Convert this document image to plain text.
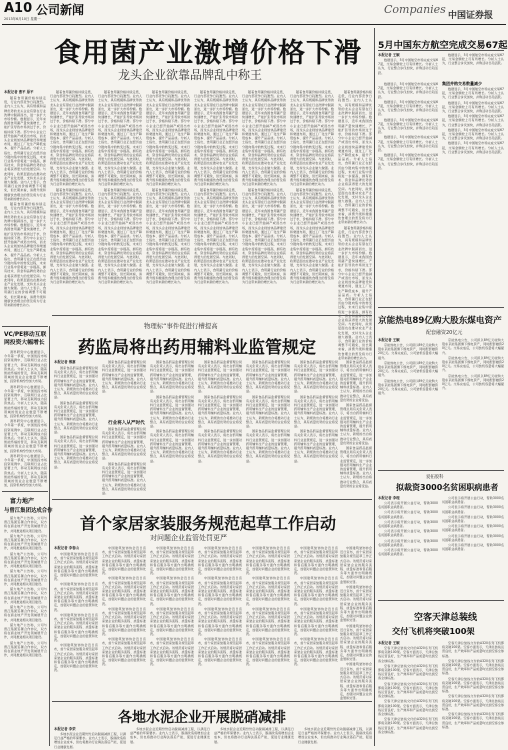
A10 公司新闻
2013年6月10日 星期一
Companies 中国证券报
食用菌产业激增价格下滑
龙头企业欲靠品牌乱中称王
本报记者 曹平 原平

随着食用菌价格持续走低，行业内部竞争日趋激烈。业内人士认为，具有规模和品牌优势的龙头企业有望在行业洗牌中脱颖而出，进一步扩大市场份额。数据显示，近年来我国食用菌产量快速增长，产能扩张导致市场供过于求，价格持续下滑。部分中小企业已经开始减产或退出市场，而龙头企业则加快品牌建设和渠道布局，通过工厂化生产降低成本、提升产品品质。分析人士指出，食用菌行业正在经历由分散向集中的转变过程，未来行业集中度将进一步提高，拥有技术、资金和品牌优势的企业将获得更大的发展空间。与此同时，政策层面也在推动农业产业化发展，支持龙头企业做大做强。业内人士表示，食用菌行业的价格调整不可避免，但长期来看，消费升级和健康饮食理念的普及将为行业带来新的增长动力。

随着食用菌价格持续走低，行业内部竞争日趋激烈。业内人士认为，具有规模和品牌优势的龙头企业有望在行业洗牌中脱颖而出，进一步扩大市场份额。数据显示，近年来我国食用菌产量快速增长，产能扩张导致市场供过于求，价格持续下滑。部分中小企业已经开始减产或退出市场，而龙头企业则加快品牌建设和渠道布局，通过工厂化生产降低成本、提升产品品质。分析人士指出，食用菌行业正在经历由分散向集中的转变过程，未来行业集中度将进一步提高，拥有技术、资金和品牌优势的企业将获得更大的发展空间。与此同时，政策层面也在推动农业产业化发展，支持龙头企业做大做强。业内人士表示，食用菌行业的价格调整不可避免，但长期来看，消费升级和健康饮食理念的普及将为行业带来新的增长动力。

随着食用菌价格持续走低，行业内部竞争日趋激烈。业内人士认为，具有规模和品牌优势的龙头企业有望在行业洗牌中脱颖而出，进一步扩大市场份额。数据显示，近年来我国食用菌产量快速增长，产能扩张导致市场供过于求，价格持续下滑。部分中小企业已经开始减产或退出市场，而龙头企业则加快品牌建设和渠道布局，通过工厂化生产降低成本、提升产品品质。分析人士指出，食用菌行业正在经历由分散向集中的转变过程，未来行业集中度将进一步提高，拥有技术、资金和品牌优势的企业将获得更大的发展空间。与此同时，政策层面也在推动农业产业化发展，支持龙头企业做大做强。业内人士表示，食用菌行业的价格调整不可避免，但长期来看，消费升级和健康饮食理念的普及将为行业带来新的增长动力。

随着食用菌价格持续走低，行业内部竞争日趋激烈。业内人士认为，具有规模和品牌优势的龙头企业有望在行业洗牌中脱颖而出，进一步扩大市场份额。数据显示，近年来我国食用菌产量快速增长，产能扩张导致市场供过于求，价格持续下滑。部分中小企业已经开始减产或退出市场，而龙头企业则加快品牌建设和渠道布局，通过工厂化生产降低成本、提升产品品质。分析人士指出，食用菌行业正在经历由分散向集中的转变过程，未来行业集中度将进一步提高，拥有技术、资金和品牌优势的企业将获得更大的发展空间。与此同时，政策层面也在推动农业产业化发展，支持龙头企业做大做强。业内人士表示，食用菌行业的价格调整不可避免，但长期来看，消费升级和健康饮食理念的普及将为行业带来新的增长动力。

随着食用菌价格持续走低，行业内部竞争日趋激烈。业内人士认为，具有规模和品牌优势的龙头企业有望在行业洗牌中脱颖而出，进一步扩大市场份额。数据显示，近年来我国食用菌产量快速增长，产能扩张导致市场供过于求，价格持续下滑。部分中小企业已经开始减产或退出市场，而龙头企业则加快品牌建设和渠道布局，通过工厂化生产降低成本、提升产品品质。分析人士指出，食用菌行业正在经历由分散向集中的转变过程，未来行业集中度将进一步提高，拥有技术、资金和品牌优势的企业将获得更大的发展空间。与此同时，政策层面也在推动农业产业化发展，支持龙头企业做大做强。业内人士表示，食用菌行业的价格调整不可避免，但长期来看，消费升级和健康饮食理念的普及将为行业带来新的增长动力。

随着食用菌价格持续走低，行业内部竞争日趋激烈。业内人士认为，具有规模和品牌优势的龙头企业有望在行业洗牌中脱颖而出，进一步扩大市场份额。数据显示，近年来我国食用菌产量快速增长，产能扩张导致市场供过于求，价格持续下滑。部分中小企业已经开始减产或退出市场，而龙头企业则加快品牌建设和渠道布局，通过工厂化生产降低成本、提升产品品质。分析人士指出，食用菌行业正在经历由分散向集中的转变过程，未来行业集中度将进一步提高，拥有技术、资金和品牌优势的企业将获得更大的发展空间。与此同时，政策层面也在推动农业产业化发展，支持龙头企业做大做强。业内人士表示，食用菌行业的价格调整不可避免，但长期来看，消费升级和健康饮食理念的普及将为行业带来新的增长动力。

随着食用菌价格持续走低，行业内部竞争日趋激烈。业内人士认为，具有规模和品牌优势的龙头企业有望在行业洗牌中脱颖而出，进一步扩大市场份额。数据显示，近年来我国食用菌产量快速增长，产能扩张导致市场供过于求，价格持续下滑。部分中小企业已经开始减产或退出市场，而龙头企业则加快品牌建设和渠道布局，通过工厂化生产降低成本、提升产品品质。分析人士指出，食用菌行业正在经历由分散向集中的转变过程，未来行业集中度将进一步提高，拥有技术、资金和品牌优势的企业将获得更大的发展空间。与此同时，政策层面也在推动农业产业化发展，支持龙头企业做大做强。业内人士表示，食用菌行业的价格调整不可避免，但长期来看，消费升级和健康饮食理念的普及将为行业带来新的增长动力。

随着食用菌价格持续走低，行业内部竞争日趋激烈。业内人士认为，具有规模和品牌优势的龙头企业有望在行业洗牌中脱颖而出，进一步扩大市场份额。数据显示，近年来我国食用菌产量快速增长，产能扩张导致市场供过于求，价格持续下滑。部分中小企业已经开始减产或退出市场，而龙头企业则加快品牌建设和渠道布局，通过工厂化生产降低成本、提升产品品质。分析人士指出，食用菌行业正在经历由分散向集中的转变过程，未来行业集中度将进一步提高，拥有技术、资金和品牌优势的企业将获得更大的发展空间。与此同时，政策层面也在推动农业产业化发展，支持龙头企业做大做强。业内人士表示，食用菌行业的价格调整不可避免，但长期来看，消费升级和健康饮食理念的普及将为行业带来新的增长动力。

随着食用菌价格持续走低，行业内部竞争日趋激烈。业内人士认为，具有规模和品牌优势的龙头企业有望在行业洗牌中脱颖而出，进一步扩大市场份额。数据显示，近年来我国食用菌产量快速增长，产能扩张导致市场供过于求，价格持续下滑。部分中小企业已经开始减产或退出市场，而龙头企业则加快品牌建设和渠道布局，通过工厂化生产降低成本、提升产品品质。分析人士指出，食用菌行业正在经历由分散向集中的转变过程，未来行业集中度将进一步提高，拥有技术、资金和品牌优势的企业将获得更大的发展空间。与此同时，政策层面也在推动农业产业化发展，支持龙头企业做大做强。业内人士表示，食用菌行业的价格调整不可避免，但长期来看，消费升级和健康饮食理念的普及将为行业带来新的增长动力。

随着食用菌价格持续走低，行业内部竞争日趋激烈。业内人士认为，具有规模和品牌优势的龙头企业有望在行业洗牌中脱颖而出，进一步扩大市场份额。数据显示，近年来我国食用菌产量快速增长，产能扩张导致市场供过于求，价格持续下滑。部分中小企业已经开始减产或退出市场，而龙头企业则加快品牌建设和渠道布局，通过工厂化生产降低成本、提升产品品质。分析人士指出，食用菌行业正在经历由分散向集中的转变过程，未来行业集中度将进一步提高，拥有技术、资金和品牌优势的企业将获得更大的发展空间。与此同时，政策层面也在推动农业产业化发展，支持龙头企业做大做强。业内人士表示，食用菌行业的价格调整不可避免，但长期来看，消费升级和健康饮食理念的普及将为行业带来新的增长动力。

随着食用菌价格持续走低，行业内部竞争日趋激烈。业内人士认为，具有规模和品牌优势的龙头企业有望在行业洗牌中脱颖而出，进一步扩大市场份额。数据显示，近年来我国食用菌产量快速增长，产能扩张导致市场供过于求，价格持续下滑。部分中小企业已经开始减产或退出市场，而龙头企业则加快品牌建设和渠道布局，通过工厂化生产降低成本、提升产品品质。分析人士指出，食用菌行业正在经历由分散向集中的转变过程，未来行业集中度将进一步提高，拥有技术、资金和品牌优势的企业将获得更大的发展空间。与此同时，政策层面也在推动农业产业化发展，支持龙头企业做大做强。业内人士表示，食用菌行业的价格调整不可避免，但长期来看，消费升级和健康饮食理念的普及将为行业带来新的增长动力。

随着食用菌价格持续走低，行业内部竞争日趋激烈。业内人士认为，具有规模和品牌优势的龙头企业有望在行业洗牌中脱颖而出，进一步扩大市场份额。数据显示，近年来我国食用菌产量快速增长，产能扩张导致市场供过于求，价格持续下滑。部分中小企业已经开始减产或退出市场，而龙头企业则加快品牌建设和渠道布局，通过工厂化生产降低成本、提升产品品质。分析人士指出，食用菌行业正在经历由分散向集中的转变过程，未来行业集中度将进一步提高，拥有技术、资金和品牌优势的企业将获得更大的发展空间。与此同时，政策层面也在推动农业产业化发展，支持龙头企业做大做强。业内人士表示，食用菌行业的价格调整不可避免，但长期来看，消费升级和健康饮食理念的普及将为行业带来新的增长动力。

随着食用菌价格持续走低，行业内部竞争日趋激烈。业内人士认为，具有规模和品牌优势的龙头企业有望在行业洗牌中脱颖而出，进一步扩大市场份额。数据显示，近年来我国食用菌产量快速增长，产能扩张导致市场供过于求，价格持续下滑。部分中小企业已经开始减产或退出市场，而龙头企业则加快品牌建设和渠道布局，通过工厂化生产降低成本、提升产品品质。分析人士指出，食用菌行业正在经历由分散向集中的转变过程，未来行业集中度将进一步提高，拥有技术、资金和品牌优势的企业将获得更大的发展空间。与此同时，政策层面也在推动农业产业化发展，支持龙头企业做大做强。业内人士表示，食用菌行业的价格调整不可避免，但长期来看，消费升级和健康饮食理念的普及将为行业带来新的增长动力。

随着食用菌价格持续走低，行业内部竞争日趋激烈。业内人士认为，具有规模和品牌优势的龙头企业有望在行业洗牌中脱颖而出，进一步扩大市场份额。数据显示，近年来我国食用菌产量快速增长，产能扩张导致市场供过于求，价格持续下滑。部分中小企业已经开始减产或退出市场，而龙头企业则加快品牌建设和渠道布局，通过工厂化生产降低成本、提升产品品质。分析人士指出，食用菌行业正在经历由分散向集中的转变过程，未来行业集中度将进一步提高，拥有技术、资金和品牌优势的企业将获得更大的发展空间。与此同时，政策层面也在推动农业产业化发展，支持龙头企业做大做强。业内人士表示，食用菌行业的价格调整不可避免，但长期来看，消费升级和健康饮食理念的普及将为行业带来新的增长动力。

随着食用菌价格持续走低，行业内部竞争日趋激烈。业内人士认为，具有规模和品牌优势的龙头企业有望在行业洗牌中脱颖而出，进一步扩大市场份额。数据显示，近年来我国食用菌产量快速增长，产能扩张导致市场供过于求，价格持续下滑。部分中小企业已经开始减产或退出市场，而龙头企业则加快品牌建设和渠道布局，通过工厂化生产降低成本、提升产品品质。分析人士指出，食用菌行业正在经历由分散向集中的转变过程，未来行业集中度将进一步提高，拥有技术、资金和品牌优势的企业将获得更大的发展空间。与此同时，政策层面也在推动农业产业化发展，支持龙头企业做大做强。业内人士表示，食用菌行业的价格调整不可避免，但长期来看，消费升级和健康饮食理念的普及将为行业带来新的增长动力。

随着食用菌价格持续走低，行业内部竞争日趋激烈。业内人士认为，具有规模和品牌优势的龙头企业有望在行业洗牌中脱颖而出，进一步扩大市场份额。数据显示，近年来我国食用菌产量快速增长，产能扩张导致市场供过于求，价格持续下滑。部分中小企业已经开始减产或退出市场，而龙头企业则加快品牌建设和渠道布局，通过工厂化生产降低成本、提升产品品质。分析人士指出，食用菌行业正在经历由分散向集中的转变过程，未来行业集中度将进一步提高，拥有技术、资金和品牌优势的企业将获得更大的发展空间。与此同时，政策层面也在推动农业产业化发展，支持龙头企业做大做强。业内人士表示，食用菌行业的价格调整不可避免，但长期来看，消费升级和健康饮食理念的普及将为行业带来新的增长动力。

5月中国东方航空完成交易67起
本报记者 王颖

数据显示，5月中国航空市场完成交易67起，交易金额较上月有所增长。分析人士认为，行业整合步伐加快，并购活动日趋活跃。

数据显示，5月中国航空市场完成交易67起，交易金额较上月有所增长。分析人士认为，行业整合步伐加快，并购活动日趋活跃。

集团并购交易数量减少

数据显示，5月中国航空市场完成交易67起，交易金额较上月有所增长。分析人士认为，行业整合步伐加快，并购活动日趋活跃。

数据显示，5月中国航空市场完成交易67起，交易金额较上月有所增长。分析人士认为，行业整合步伐加快，并购活动日趋活跃。

数据显示，5月中国航空市场完成交易67起，交易金额较上月有所增长。分析人士认为，行业整合步伐加快，并购活动日趋活跃。

数据显示，5月中国航空市场完成交易67起，交易金额较上月有所增长。分析人士认为，行业整合步伐加快，并购活动日趋活跃。

数据显示，5月中国航空市场完成交易67起，交易金额较上月有所增长。分析人士认为，行业整合步伐加快，并购活动日趋活跃。

数据显示，5月中国航空市场完成交易67起，交易金额较上月有所增长。分析人士认为，行业整合步伐加快，并购活动日趋活跃。

数据显示，5月中国航空市场完成交易67起，交易金额较上月有所增长。分析人士认为，行业整合步伐加快，并购活动日趋活跃。

数据显示，5月中国航空市场完成交易67起，交易金额较上月有所增长。分析人士认为，行业整合步伐加快，并购活动日趋活跃。

数据显示，5月中国航空市场完成交易67起，交易金额较上月有所增长。分析人士认为，行业整合步伐加快，并购活动日趋活跃。

数据显示，5月中国航空市场完成交易67起，交易金额较上月有所增长。分析人士认为，行业整合步伐加快，并购活动日趋活跃。

京能热电89亿购大股东煤电资产
配套融资20亿元
本报记者 王颖

京能热电公告，公司拟以89亿元收购大股东京能集团旗下煤电资产，同时配套融资20亿元。交易完成后，公司装机容量将大幅提升。

京能热电公告，公司拟以89亿元收购大股东京能集团旗下煤电资产，同时配套融资20亿元。交易完成后，公司装机容量将大幅提升。

京能热电公告，公司拟以89亿元收购大股东京能集团旗下煤电资产，同时配套融资20亿元。交易完成后，公司装机容量将大幅提升。

京能热电公告，公司拟以89亿元收购大股东京能集团旗下煤电资产，同时配套融资20亿元。交易完成后，公司装机容量将大幅提升。

京能热电公告，公司拟以89亿元收购大股东京能集团旗下煤电资产，同时配套融资20亿元。交易完成后，公司装机容量将大幅提升。

京能热电公告，公司拟以89亿元收购大股东京能集团旗下煤电资产，同时配套融资20亿元。交易完成后，公司装机容量将大幅提升。

爱拓股科
拟裁资3000名贫困职病患者
本报记者 李理

公司表示将开展公益行动，帮助3000名贫困职业病患者。

公司表示将开展公益行动，帮助3000名贫困职业病患者。

公司表示将开展公益行动，帮助3000名贫困职业病患者。

公司表示将开展公益行动，帮助3000名贫困职业病患者。

公司表示将开展公益行动，帮助3000名贫困职业病患者。

公司表示将开展公益行动，帮助3000名贫困职业病患者。

公司表示将开展公益行动，帮助3000名贫困职业病患者。

公司表示将开展公益行动，帮助3000名贫困职业病患者。

公司表示将开展公益行动，帮助3000名贫困职业病患者。

公司表示将开展公益行动，帮助3000名贫困职业病患者。

公司表示将开展公益行动，帮助3000名贫困职业病患者。

公司表示将开展公益行动，帮助3000名贫困职业病患者。

空客天津总装线
交付飞机将突破100架
本报记者 王颖

空客天津总装线交付的A320系列飞机即将突破100架。空客方面表示，天津总装线运营良好，生产效率和产品质量均达到空客全球标准。

空客天津总装线交付的A320系列飞机即将突破100架。空客方面表示，天津总装线运营良好，生产效率和产品质量均达到空客全球标准。

空客天津总装线交付的A320系列飞机即将突破100架。空客方面表示，天津总装线运营良好，生产效率和产品质量均达到空客全球标准。

空客天津总装线交付的A320系列飞机即将突破100架。空客方面表示，天津总装线运营良好，生产效率和产品质量均达到空客全球标准。

空客天津总装线交付的A320系列飞机即将突破100架。空客方面表示，天津总装线运营良好，生产效率和产品质量均达到空客全球标准。

空客天津总装线交付的A320系列飞机即将突破100架。空客方面表示，天津总装线运营良好，生产效率和产品质量均达到空客全球标准。

空客天津总装线交付的A320系列飞机即将突破100架。空客方面表示，天津总装线运营良好，生产效率和产品质量均达到空客全球标准。

空客天津总装线交付的A320系列飞机即将突破100架。空客方面表示，天津总装线运营良好，生产效率和产品质量均达到空客全球标准。

空客天津总装线交付的A320系列飞机即将突破100架。空客方面表示，天津总装线运营良好，生产效率和产品质量均达到空客全球标准。

空客天津总装线交付的A320系列飞机即将突破100架。空客方面表示，天津总装线运营良好，生产效率和产品质量均达到空客全球标准。

VC/PE移动互联网投资大幅增长

清科研究中心数据显示，今年第一季度，中国创投市场投资案例中，互联网行业占比显著上升，移动互联网成为投资热点。分析人士认为，随着智能终端的普及，移动互联网领域的创业企业数量不断增加，投资机构纷纷加大布局。

清科研究中心数据显示，今年第一季度，中国创投市场投资案例中，互联网行业占比显著上升，移动互联网成为投资热点。分析人士认为，随着智能终端的普及，移动互联网领域的创业企业数量不断增加，投资机构纷纷加大布局。

清科研究中心数据显示，今年第一季度，中国创投市场投资案例中，互联网行业占比显著上升，移动互联网成为投资热点。分析人士认为，随着智能终端的普及，移动互联网领域的创业企业数量不断增加，投资机构纷纷加大布局。

清科研究中心数据显示，今年第一季度，中国创投市场投资案例中，互联网行业占比显著上升，移动互联网成为投资热点。分析人士认为，随着智能终端的普及，移动互联网领域的创业企业数量不断增加，投资机构纷纷加大布局。

富力地产
与曾江集团达成合作

富力地产公告称，公司与曾江集团签署合作协议，双方将在商业地产开发领域展开合作，共同推进相关项目建设。

富力地产公告称，公司与曾江集团签署合作协议，双方将在商业地产开发领域展开合作，共同推进相关项目建设。

富力地产公告称，公司与曾江集团签署合作协议，双方将在商业地产开发领域展开合作，共同推进相关项目建设。

富力地产公告称，公司与曾江集团签署合作协议，双方将在商业地产开发领域展开合作，共同推进相关项目建设。

富力地产公告称，公司与曾江集团签署合作协议，双方将在商业地产开发领域展开合作，共同推进相关项目建设。

富力地产公告称，公司与曾江集团签署合作协议，双方将在商业地产开发领域展开合作，共同推进相关项目建设。

富力地产公告称，公司与曾江集团签署合作协议，双方将在商业地产开发领域展开合作，共同推进相关项目建设。

富力地产公告称，公司与曾江集团签署合作协议，双方将在商业地产开发领域展开合作，共同推进相关项目建设。

物理标“事件促进行槽提高
药监局将出药用辅料业监管规定
本报记者 傅嘉

国家食品药品监督管理总局有关负责人表示，将出台药用辅料行业监管规定，进一步加强对药用辅料生产企业的监督管理，提升药用辅料质量标准。业内人士认为，新规的出台将推动行业整合，具有质量优势的企业将受益。

国家食品药品监督管理总局有关负责人表示，将出台药用辅料行业监管规定，进一步加强对药用辅料生产企业的监督管理，提升药用辅料质量标准。业内人士认为，新规的出台将推动行业整合，具有质量优势的企业将受益。

国家食品药品监督管理总局有关负责人表示，将出台药用辅料行业监管规定，进一步加强对药用辅料生产企业的监督管理，提升药用辅料质量标准。业内人士认为，新规的出台将推动行业整合，具有质量优势的企业将受益。

行业将入从严时代

国家食品药品监督管理总局有关负责人表示，将出台药用辅料行业监管规定，进一步加强对药用辅料生产企业的监督管理，提升药用辅料质量标准。业内人士认为，新规的出台将推动行业整合，具有质量优势的企业将受益。

国家食品药品监督管理总局有关负责人表示，将出台药用辅料行业监管规定，进一步加强对药用辅料生产企业的监督管理，提升药用辅料质量标准。业内人士认为，新规的出台将推动行业整合，具有质量优势的企业将受益。

国家食品药品监督管理总局有关负责人表示，将出台药用辅料行业监管规定，进一步加强对药用辅料生产企业的监督管理，提升药用辅料质量标准。业内人士认为，新规的出台将推动行业整合，具有质量优势的企业将受益。

国家食品药品监督管理总局有关负责人表示，将出台药用辅料行业监管规定，进一步加强对药用辅料生产企业的监督管理，提升药用辅料质量标准。业内人士认为，新规的出台将推动行业整合，具有质量优势的企业将受益。

国家食品药品监督管理总局有关负责人表示，将出台药用辅料行业监管规定，进一步加强对药用辅料生产企业的监督管理，提升药用辅料质量标准。业内人士认为，新规的出台将推动行业整合，具有质量优势的企业将受益。

国家食品药品监督管理总局有关负责人表示，将出台药用辅料行业监管规定，进一步加强对药用辅料生产企业的监督管理，提升药用辅料质量标准。业内人士认为，新规的出台将推动行业整合，具有质量优势的企业将受益。

国家食品药品监督管理总局有关负责人表示，将出台药用辅料行业监管规定，进一步加强对药用辅料生产企业的监督管理，提升药用辅料质量标准。业内人士认为，新规的出台将推动行业整合，具有质量优势的企业将受益。

国家食品药品监督管理总局有关负责人表示，将出台药用辅料行业监管规定，进一步加强对药用辅料生产企业的监督管理，提升药用辅料质量标准。业内人士认为，新规的出台将推动行业整合，具有质量优势的企业将受益。

国家食品药品监督管理总局有关负责人表示，将出台药用辅料行业监管规定，进一步加强对药用辅料生产企业的监督管理，提升药用辅料质量标准。业内人士认为，新规的出台将推动行业整合，具有质量优势的企业将受益。

国家食品药品监督管理总局有关负责人表示，将出台药用辅料行业监管规定，进一步加强对药用辅料生产企业的监督管理，提升药用辅料质量标准。业内人士认为，新规的出台将推动行业整合，具有质量优势的企业将受益。

国家食品药品监督管理总局有关负责人表示，将出台药用辅料行业监管规定，进一步加强对药用辅料生产企业的监督管理，提升药用辅料质量标准。业内人士认为，新规的出台将推动行业整合，具有质量优势的企业将受益。

国家食品药品监督管理总局有关负责人表示，将出台药用辅料行业监管规定，进一步加强对药用辅料生产企业的监督管理，提升药用辅料质量标准。业内人士认为，新规的出台将推动行业整合，具有质量优势的企业将受益。

国家食品药品监督管理总局有关负责人表示，将出台药用辅料行业监管规定，进一步加强对药用辅料生产企业的监督管理，提升药用辅料质量标准。业内人士认为，新规的出台将推动行业整合，具有质量优势的企业将受益。

国家食品药品监督管理总局有关负责人表示，将出台药用辅料行业监管规定，进一步加强对药用辅料生产企业的监督管理，提升药用辅料质量标准。业内人士认为，新规的出台将推动行业整合，具有质量优势的企业将受益。

国家食品药品监督管理总局有关负责人表示，将出台药用辅料行业监管规定，进一步加强对药用辅料生产企业的监督管理，提升药用辅料质量标准。业内人士认为，新规的出台将推动行业整合，具有质量优势的企业将受益。

国家食品药品监督管理总局有关负责人表示，将出台药用辅料行业监管规定，进一步加强对药用辅料生产企业的监督管理，提升药用辅料质量标准。业内人士认为，新规的出台将推动行业整合，具有质量优势的企业将受益。

国家食品药品监督管理总局有关负责人表示，将出台药用辅料行业监管规定，进一步加强对药用辅料生产企业的监督管理，提升药用辅料质量标准。业内人士认为，新规的出台将推动行业整合，具有质量优势的企业将受益。

国家食品药品监督管理总局有关负责人表示，将出台药用辅料行业监管规定，进一步加强对药用辅料生产企业的监督管理，提升药用辅料质量标准。业内人士认为，新规的出台将推动行业整合，具有质量优势的企业将受益。

首个家居家装服务规范起草工作启动
对问题企业监管处罚更严
本报记者 李春山

中国建筑装饰协会近日宣布，首个家居家装服务规范起草工作正式启动。该规范将对家居家装企业的服务流程、质量标准和售后服务等方面作出明确规定，加强对问题企业的监管和处罚。

中国建筑装饰协会近日宣布，首个家居家装服务规范起草工作正式启动。该规范将对家居家装企业的服务流程、质量标准和售后服务等方面作出明确规定，加强对问题企业的监管和处罚。

中国建筑装饰协会近日宣布，首个家居家装服务规范起草工作正式启动。该规范将对家居家装企业的服务流程、质量标准和售后服务等方面作出明确规定，加强对问题企业的监管和处罚。

中国建筑装饰协会近日宣布，首个家居家装服务规范起草工作正式启动。该规范将对家居家装企业的服务流程、质量标准和售后服务等方面作出明确规定，加强对问题企业的监管和处罚。

中国建筑装饰协会近日宣布，首个家居家装服务规范起草工作正式启动。该规范将对家居家装企业的服务流程、质量标准和售后服务等方面作出明确规定，加强对问题企业的监管和处罚。

中国建筑装饰协会近日宣布，首个家居家装服务规范起草工作正式启动。该规范将对家居家装企业的服务流程、质量标准和售后服务等方面作出明确规定，加强对问题企业的监管和处罚。

中国建筑装饰协会近日宣布，首个家居家装服务规范起草工作正式启动。该规范将对家居家装企业的服务流程、质量标准和售后服务等方面作出明确规定，加强对问题企业的监管和处罚。

中国建筑装饰协会近日宣布，首个家居家装服务规范起草工作正式启动。该规范将对家居家装企业的服务流程、质量标准和售后服务等方面作出明确规定，加强对问题企业的监管和处罚。

中国建筑装饰协会近日宣布，首个家居家装服务规范起草工作正式启动。该规范将对家居家装企业的服务流程、质量标准和售后服务等方面作出明确规定，加强对问题企业的监管和处罚。

中国建筑装饰协会近日宣布，首个家居家装服务规范起草工作正式启动。该规范将对家居家装企业的服务流程、质量标准和售后服务等方面作出明确规定，加强对问题企业的监管和处罚。

中国建筑装饰协会近日宣布，首个家居家装服务规范起草工作正式启动。该规范将对家居家装企业的服务流程、质量标准和售后服务等方面作出明确规定，加强对问题企业的监管和处罚。

中国建筑装饰协会近日宣布，首个家居家装服务规范起草工作正式启动。该规范将对家居家装企业的服务流程、质量标准和售后服务等方面作出明确规定，加强对问题企业的监管和处罚。

中国建筑装饰协会近日宣布，首个家居家装服务规范起草工作正式启动。该规范将对家居家装企业的服务流程、质量标准和售后服务等方面作出明确规定，加强对问题企业的监管和处罚。

中国建筑装饰协会近日宣布，首个家居家装服务规范起草工作正式启动。该规范将对家居家装企业的服务流程、质量标准和售后服务等方面作出明确规定，加强对问题企业的监管和处罚。

中国建筑装饰协会近日宣布，首个家居家装服务规范起草工作正式启动。该规范将对家居家装企业的服务流程、质量标准和售后服务等方面作出明确规定，加强对问题企业的监管和处罚。

中国建筑装饰协会近日宣布，首个家居家装服务规范起草工作正式启动。该规范将对家居家装企业的服务流程、质量标准和售后服务等方面作出明确规定，加强对问题企业的监管和处罚。

中国建筑装饰协会近日宣布，首个家居家装服务规范起草工作正式启动。该规范将对家居家装企业的服务流程、质量标准和售后服务等方面作出明确规定，加强对问题企业的监管和处罚。

中国建筑装饰协会近日宣布，首个家居家装服务规范起草工作正式启动。该规范将对家居家装企业的服务流程、质量标准和售后服务等方面作出明确规定，加强对问题企业的监管和处罚。

中国建筑装饰协会近日宣布，首个家居家装服务规范起草工作正式启动。该规范将对家居家装企业的服务流程、质量标准和售后服务等方面作出明确规定，加强对问题企业的监管和处罚。

中国建筑装饰协会近日宣布，首个家居家装服务规范起草工作正式启动。该规范将对家居家装企业的服务流程、质量标准和售后服务等方面作出明确规定，加强对问题企业的监管和处罚。

中国建筑装饰协会近日宣布，首个家居家装服务规范起草工作正式启动。该规范将对家居家装企业的服务流程、质量标准和售后服务等方面作出明确规定，加强对问题企业的监管和处罚。

中国建筑装饰协会近日宣布，首个家居家装服务规范起草工作正式启动。该规范将对家居家装企业的服务流程、质量标准和售后服务等方面作出明确规定，加强对问题企业的监管和处罚。

中国建筑装饰协会近日宣布，首个家居家装服务规范起草工作正式启动。该规范将对家居家装企业的服务流程、质量标准和售后服务等方面作出明确规定，加强对问题企业的监管和处罚。

中国建筑装饰协会近日宣布，首个家居家装服务规范起草工作正式启动。该规范将对家居家装企业的服务流程、质量标准和售后服务等方面作出明确规定，加强对问题企业的监管和处罚。

中国建筑装饰协会近日宣布，首个家居家装服务规范起草工作正式启动。该规范将对家居家装企业的服务流程、质量标准和售后服务等方面作出明确规定，加强对问题企业的监管和处罚。

中国建筑装饰协会近日宣布，首个家居家装服务规范起草工作正式启动。该规范将对家居家装企业的服务流程、质量标准和售后服务等方面作出明确规定，加强对问题企业的监管和处罚。

中国建筑装饰协会近日宣布，首个家居家装服务规范起草工作正式启动。该规范将对家居家装企业的服务流程、质量标准和售后服务等方面作出明确规定，加强对问题企业的监管和处罚。

中国建筑装饰协会近日宣布，首个家居家装服务规范起草工作正式启动。该规范将对家居家装企业的服务流程、质量标准和售后服务等方面作出明确规定，加强对问题企业的监管和处罚。

各地水泥企业开展脱硝减排
本报记者 李荣

多地水泥企业近期纷纷启动脱硝减排工程，以满足日益严格的环保要求。业内人士表示，脱硝改造将增加企业成本，但也将推动行业淘汰落后产能，促进行业健康发展。

多地水泥企业近期纷纷启动脱硝减排工程，以满足日益严格的环保要求。业内人士表示，脱硝改造将增加企业成本，但也将推动行业淘汰落后产能，促进行业健康发展。

多地水泥企业近期纷纷启动脱硝减排工程，以满足日益严格的环保要求。业内人士表示，脱硝改造将增加企业成本，但也将推动行业淘汰落后产能，促进行业健康发展。

多地水泥企业近期纷纷启动脱硝减排工程，以满足日益严格的环保要求。业内人士表示，脱硝改造将增加企业成本，但也将推动行业淘汰落后产能，促进行业健康发展。
